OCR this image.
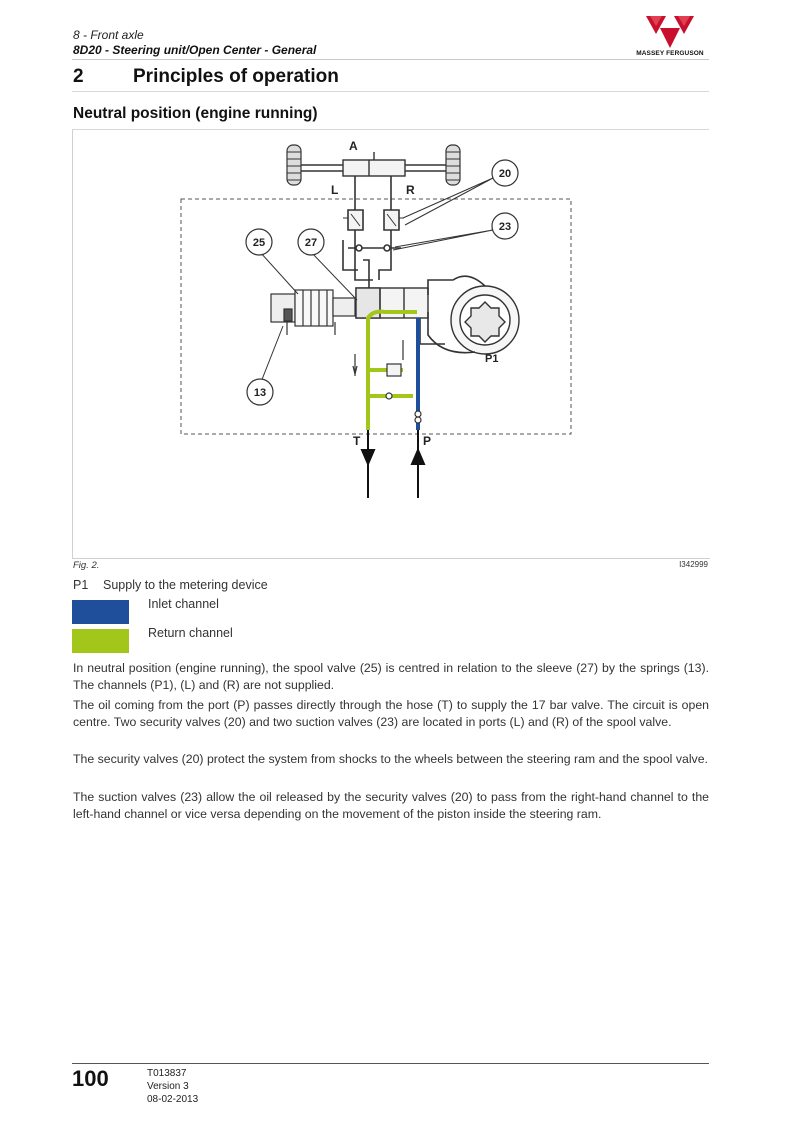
8 - Front axle
8D20 - Steering unit/Open Center - General	MASSEY FERGUSON
2	Principles of operation
Neutral position (engine running)
A
L	R
20
23
25	27
13
P1
T	P
Fig. 2.	I342999
P1 Supply to the metering device
Inlet channel
Return channel
In neutral position (engine running), the spool valve (25) is centred in relation to the sleeve (27) by the springs (13). The channels (P1), (L) and (R) are not supplied.
The oil coming from the port (P) passes directly through the hose (T) to supply the 17 bar valve. The circuit is open centre. Two security valves (20) and two suction valves (23) are located in ports (L) and (R) of the spool valve.
The security valves (20) protect the system from shocks to the wheels between the steering ram and the spool valve.
The suction valves (23) allow the oil released by the security valves (20) to pass from the right-hand channel to the left-hand channel or vice versa depending on the movement of the piston inside the steering ram.
100	T013837
Version 3
08-02-2013
